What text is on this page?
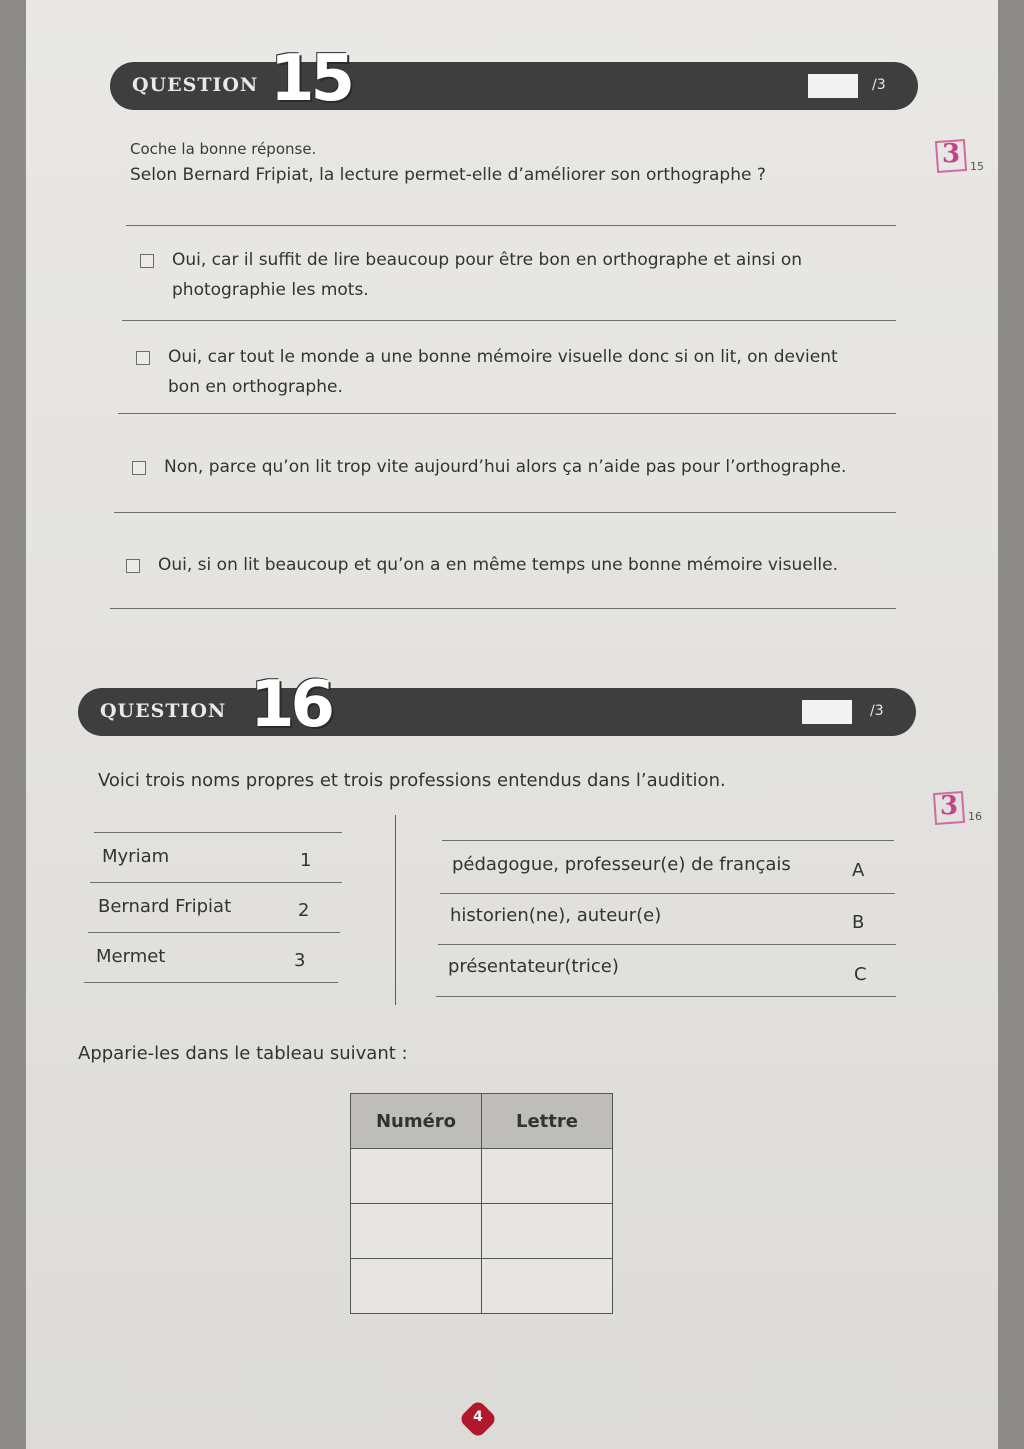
QUESTION 15	/3
Coche la bonne réponse.
Selon Bernard Fripiat, la lecture permet-elle d’améliorer son orthographe ?
Oui, car il suffit de lire beaucoup pour être bon en orthographe et ainsi on
photographie les mots.
Oui, car tout le monde a une bonne mémoire visuelle donc si on lit, on devient
bon en orthographe.
Non, parce qu’on lit trop vite aujourd’hui alors ça n’aide pas pour l’orthographe.
Oui, si on lit beaucoup et qu’on a en même temps une bonne mémoire visuelle.
3 15
QUESTION 16	/3
Voici trois noms propres et trois professions entendus dans l’audition.
3 16
Myriam	1
Bernard Fripiat	2
Mermet	3
pédagogue, professeur(e) de français	A
historien(ne), auteur(e)	B
présentateur(trice)	C
Apparie-les dans le tableau suivant :
Numéro	Lettre

4
